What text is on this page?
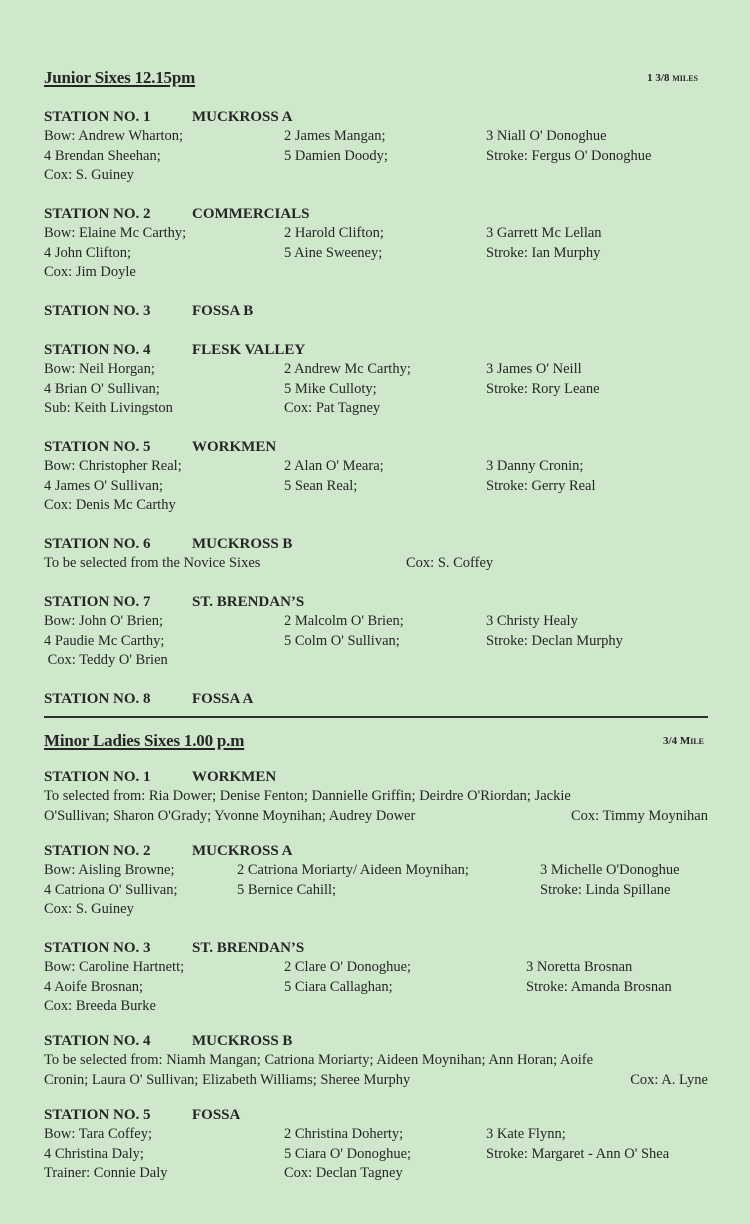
Junior Sixes 12.15pm	1 3/8 miles
STATION NO. 1	MUCKROSS A
Bow: Andrew Wharton;	2 James Mangan;	3 Niall O' Donoghue
4 Brendan Sheehan;	5 Damien Doody;	Stroke: Fergus O' Donoghue
Cox: S. Guiney
STATION NO. 2	COMMERCIALS
Bow: Elaine Mc Carthy;	2 Harold Clifton;	3 Garrett Mc Lellan
4 John Clifton;	5 Aine Sweeney;	Stroke: Ian Murphy
Cox: Jim Doyle
STATION NO. 3	FOSSA B
STATION NO. 4	FLESK VALLEY
Bow: Neil Horgan;	2 Andrew Mc Carthy;	3 James O' Neill
4 Brian O' Sullivan;	5 Mike Culloty;	Stroke: Rory Leane
Sub: Keith Livingston	Cox: Pat Tagney
STATION NO. 5	WORKMEN
Bow: Christopher Real;	2 Alan O' Meara;	3 Danny Cronin;
4 James O' Sullivan;	5 Sean Real;	Stroke: Gerry Real
Cox: Denis Mc Carthy
STATION NO. 6	MUCKROSS B
To be selected from the Novice Sixes	Cox: S. Coffey
STATION NO. 7	ST. BRENDAN’S
Bow: John O' Brien;	2 Malcolm O' Brien;	3 Christy Healy
4 Paudie Mc Carthy;	5 Colm O' Sullivan;	Stroke: Declan Murphy
Cox: Teddy O' Brien
STATION NO. 8	FOSSA A
Minor Ladies Sixes 1.00 p.m	3/4 Mile
STATION NO. 1	WORKMEN
To selected from: Ria Dower; Denise Fenton; Dannielle Griffin; Deirdre O'Riordan; Jackie
O'Sullivan; Sharon O'Grady; Yvonne Moynihan; Audrey Dower	Cox: Timmy Moynihan
STATION NO. 2	MUCKROSS A
Bow: Aisling Browne;	2 Catriona Moriarty/ Aideen Moynihan;	3 Michelle O'Donoghue
4 Catriona O' Sullivan;	5 Bernice Cahill;	Stroke: Linda Spillane
Cox: S. Guiney
STATION NO. 3	ST. BRENDAN’S
Bow: Caroline Hartnett;	2 Clare O' Donoghue;	3 Noretta Brosnan
4 Aoife Brosnan;	5 Ciara Callaghan;	Stroke: Amanda Brosnan
Cox: Breeda Burke
STATION NO. 4	MUCKROSS B
To be selected from: Niamh Mangan; Catriona Moriarty; Aideen Moynihan; Ann Horan; Aoife
Cronin; Laura O' Sullivan; Elizabeth Williams; Sheree Murphy	Cox: A. Lyne
STATION NO. 5	FOSSA
Bow: Tara Coffey;	2 Christina Doherty;	3 Kate Flynn;
4 Christina Daly;	5 Ciara O' Donoghue;	Stroke: Margaret - Ann O' Shea
Trainer: Connie Daly	Cox: Declan Tagney
